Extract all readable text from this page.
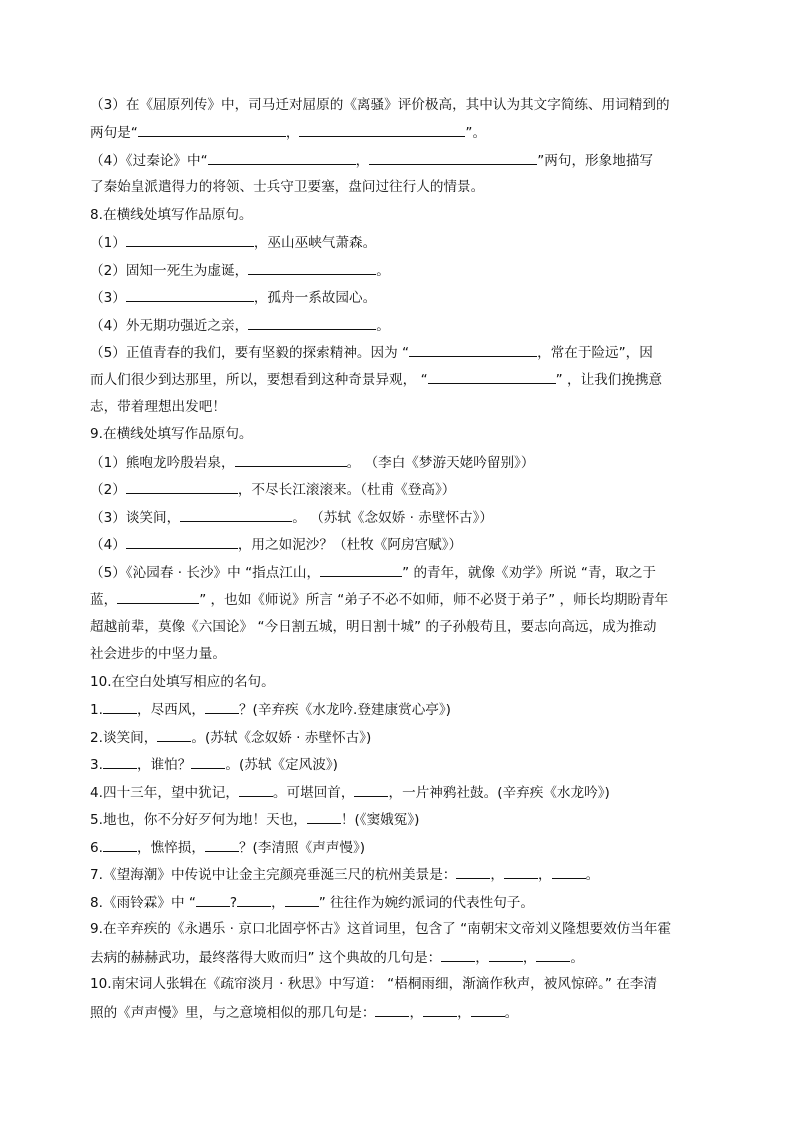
（3）在《屈原列传》中，司马迁对屈原的《离骚》评价极高，其中认为其文字简练、用词精到的
两句是“	，	”。
（4）《过秦论》中“	，	”两句，形象地描写
了秦始皇派遣得力的将领、士兵守卫要塞，盘问过往行人的情景。
8.在横线处填写作品原句。
（1）	，巫山巫峡气萧森。
（2）固知一死生为虚诞，	。
（3）	，孤舟一系故园心。
（4）外无期功强近之亲，	。
（5）正值青春的我们，要有坚毅的探索精神。因为 “	，常在于险远”，因
而人们很少到达那里，所以，要想看到这种奇景异观， “	” ，让我们挽携意
志，带着理想出发吧！
9.在横线处填写作品原句。
（1）熊咆龙吟殷岩泉，	。 （李白《梦游天姥吟留别》）
（2）	，不尽长江滚滚来。（杜甫《登高》）
（3）谈笑间，	。 （苏轼《念奴娇 · 赤壁怀古》）
（4）	，用之如泥沙？（杜牧《阿房宫赋》）
（5）《沁园春 · 长沙》中 “指点江山，	” 的青年，就像《劝学》所说 “青，取之于
蓝，	” ，也如《师说》所言 “弟子不必不如师，师不必贤于弟子” ，师长均期盼青年
超越前辈，莫像《六国论》 “今日割五城，明日割十城” 的子孙般苟且，要志向高远，成为推动
社会进步的中坚力量。
10.在空白处填写相应的名句。
1.	，尽西风，	？(辛弃疾《水龙吟.登建康赏心亭》)
2.谈笑间，	。(苏轼《念奴娇 · 赤壁怀古》)
3.	，谁怕？	。(苏轼《定风波》)
4.四十三年，望中犹记，	。可堪回首，	，一片神鸦社鼓。(辛弃疾《水龙吟》)
5.地也，你不分好歹何为地！天也，	！(《窦娥冤》)
6.	，憔悴损，	？(李清照《声声慢》)
7.《望海潮》中传说中让金主完颜亮垂涎三尺的杭州美景是：	，	，	。
8.《雨铃霖》中 “	?	，	” 往往作为婉约派词的代表性句子。
9.在辛弃疾的《永遇乐 · 京口北固亭怀古》这首词里，包含了 “南朝宋文帝刘义隆想要效仿当年霍
去病的赫赫武功，最终落得大败而归” 这个典故的几句是：	，	，	。
10.南宋词人张辑在《疏帘淡月 · 秋思》中写道： “梧桐雨细，渐滴作秋声，被风惊碎。” 在李清
照的《声声慢》里，与之意境相似的那几句是：	，	，	。
